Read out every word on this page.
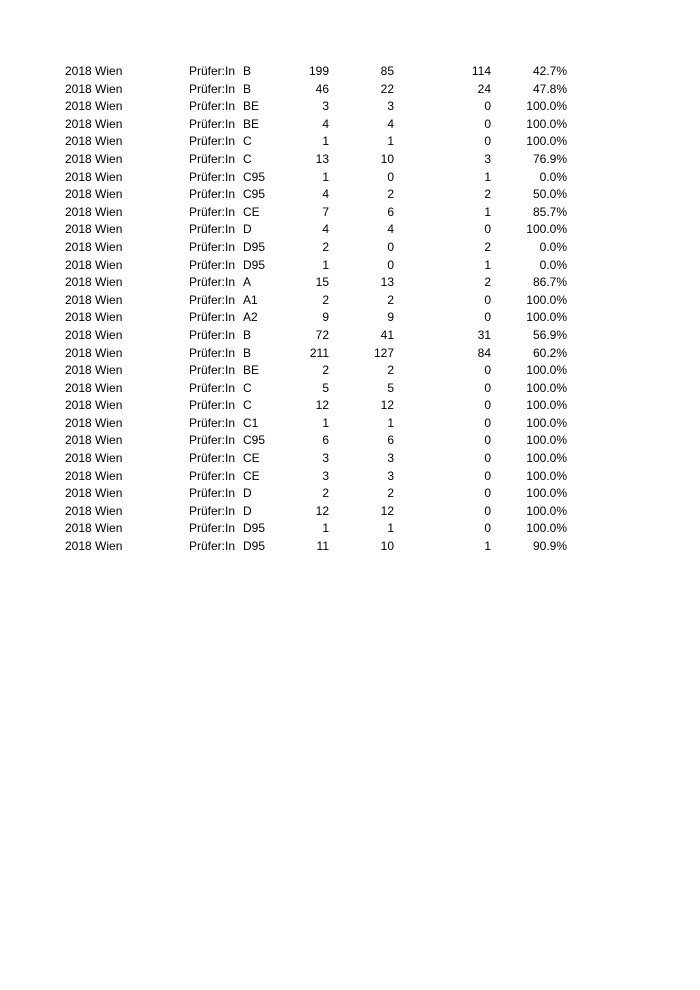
2018 Wien	Prüfer:In B	199	85	114	42.7%
2018 Wien	Prüfer:In B	46	22	24	47.8%
2018 Wien	Prüfer:In BE	3	3	0	100.0%
2018 Wien	Prüfer:In BE	4	4	0	100.0%
2018 Wien	Prüfer:In C	1	1	0	100.0%
2018 Wien	Prüfer:In C	13	10	3	76.9%
2018 Wien	Prüfer:In C95	1	0	1	0.0%
2018 Wien	Prüfer:In C95	4	2	2	50.0%
2018 Wien	Prüfer:In CE	7	6	1	85.7%
2018 Wien	Prüfer:In D	4	4	0	100.0%
2018 Wien	Prüfer:In D95	2	0	2	0.0%
2018 Wien	Prüfer:In D95	1	0	1	0.0%
2018 Wien	Prüfer:In A	15	13	2	86.7%
2018 Wien	Prüfer:In A1	2	2	0	100.0%
2018 Wien	Prüfer:In A2	9	9	0	100.0%
2018 Wien	Prüfer:In B	72	41	31	56.9%
2018 Wien	Prüfer:In B	211	127	84	60.2%
2018 Wien	Prüfer:In BE	2	2	0	100.0%
2018 Wien	Prüfer:In C	5	5	0	100.0%
2018 Wien	Prüfer:In C	12	12	0	100.0%
2018 Wien	Prüfer:In C1	1	1	0	100.0%
2018 Wien	Prüfer:In C95	6	6	0	100.0%
2018 Wien	Prüfer:In CE	3	3	0	100.0%
2018 Wien	Prüfer:In CE	3	3	0	100.0%
2018 Wien	Prüfer:In D	2	2	0	100.0%
2018 Wien	Prüfer:In D	12	12	0	100.0%
2018 Wien	Prüfer:In D95	1	1	0	100.0%
2018 Wien	Prüfer:In D95	11	10	1	90.9%
